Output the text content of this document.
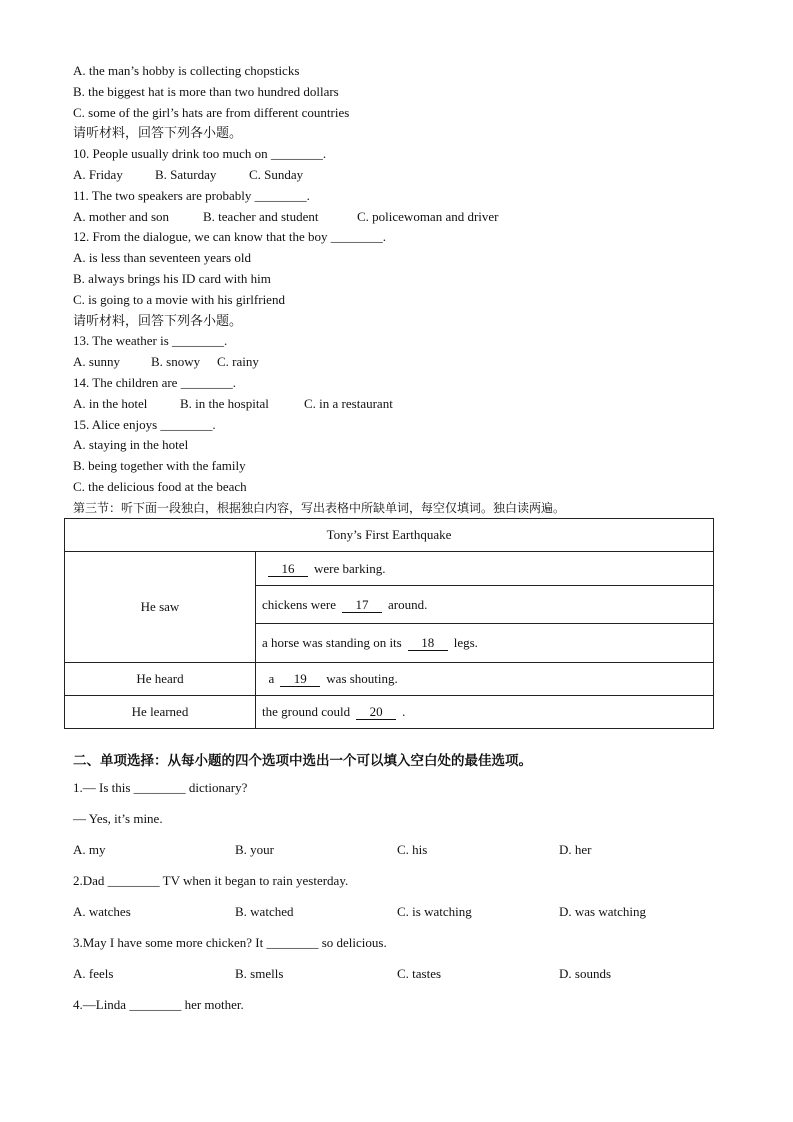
A. the man’s hobby is collecting chopsticks
B. the biggest hat is more than two hundred dollars
C. some of the girl’s hats are from different countries
请听材料，回答下列各小题。
10. People usually drink too much on ________.
A. Friday B. Saturday	C. Sunday
11. The two speakers are probably ________.
A. mother and son	B. teacher and student	C. policewoman and driver
12. From the dialogue, we can know that the boy ________.
A. is less than seventeen years old
B. always brings his ID card with him
C. is going to a movie with his girlfriend
请听材料，回答下列各小题。
13. The weather is ________.
A. sunny B. snowy C. rainy
14. The children are ________.
A. in the hotel	B. in the hospital	C. in a restaurant
15. Alice enjoys ________.
A. staying in the hotel
B. being together with the family
C. the delicious food at the beach
第三节：听下面一段独白，根据独白内容，写出表格中所缺单词，每空仅填词。独白读两遍。
Tony’s First Earthquake	
He saw	16 were barking.
	chickens were 17 around.
	a horse was standing on its 18 legs.
He heard	a 19 was shouting.
He learned	the ground could 20 .
二、单项选择：从每小题的四个选项中选出一个可以填入空白处的最佳选项。
1.— Is this ________ dictionary?
— Yes, it’s mine.
A. my	B. your	C. his	D. her
2.Dad ________ TV when it began to rain yesterday.
A. watches	B. watched	C. is watching	D. was watching
3.May I have some more chicken? It ________ so delicious.
A. feels	B. smells	C. tastes	D. sounds
4.—Linda ________ her mother.
